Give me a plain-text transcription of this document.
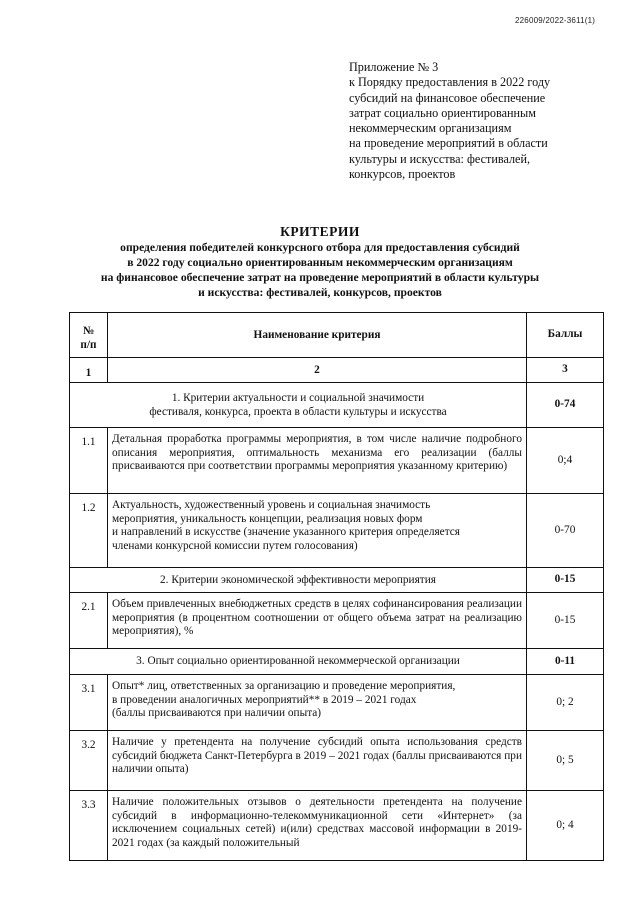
226009/2022-3611(1)
Приложение № 3
к Порядку предоставления в 2022 году
субсидий на финансовое обеспечение
затрат социально ориентированным
некоммерческим организациям
на проведение мероприятий в области
культуры и искусства: фестивалей,
конкурсов, проектов
КРИТЕРИИ
определения победителей конкурсного отбора для предоставления субсидий
в 2022 году социально ориентированным некоммерческим организациям
на финансовое обеспечение затрат на проведение мероприятий в области культуры
и искусства: фестивалей, конкурсов, проектов
№
п/п	Наименование критерия	Баллы
1	2	3

1. Критерии актуальности и социальной значимости
фестиваля, конкурса, проекта в области культуры и искусства		0-74
1.1	Детальная проработка программы мероприятия, в том числе наличие подробного описания мероприятия, оптимальность механизма его реализации (баллы присваиваются при соответствии программы мероприятия указанному критерию)	0;4
1.2	Актуальность, художественный уровень и социальная значимость
мероприятия, уникальность концепции, реализация новых форм
и направлений в искусстве (значение указанного критерия определяется
членами конкурсной комиссии путем голосования)	0-70

2. Критерии экономической эффективности мероприятия		0-15
2.1	Объем привлеченных внебюджетных средств в целях софинансирования реализации мероприятия (в процентном соотношении от общего объема затрат на реализацию мероприятия), %	0-15

3. Опыт социально ориентированной некоммерческой организации		0-11
3.1	Опыт* лиц, ответственных за организацию и проведение мероприятия,
в проведении аналогичных мероприятий** в 2019 – 2021 годах
(баллы присваиваются при наличии опыта)	0; 2
3.2	Наличие у претендента на получение субсидий опыта использования средств субсидий бюджета Санкт-Петербурга в 2019 – 2021 годах (баллы присваиваются при наличии опыта)	0; 5
3.3	Наличие положительных отзывов о деятельности претендента на получение субсидий в информационно-телекоммуникационной сети «Интернет» (за исключением социальных сетей) и(или) средствах массовой информации в 2019-2021 годах (за каждый положительный	0; 4
